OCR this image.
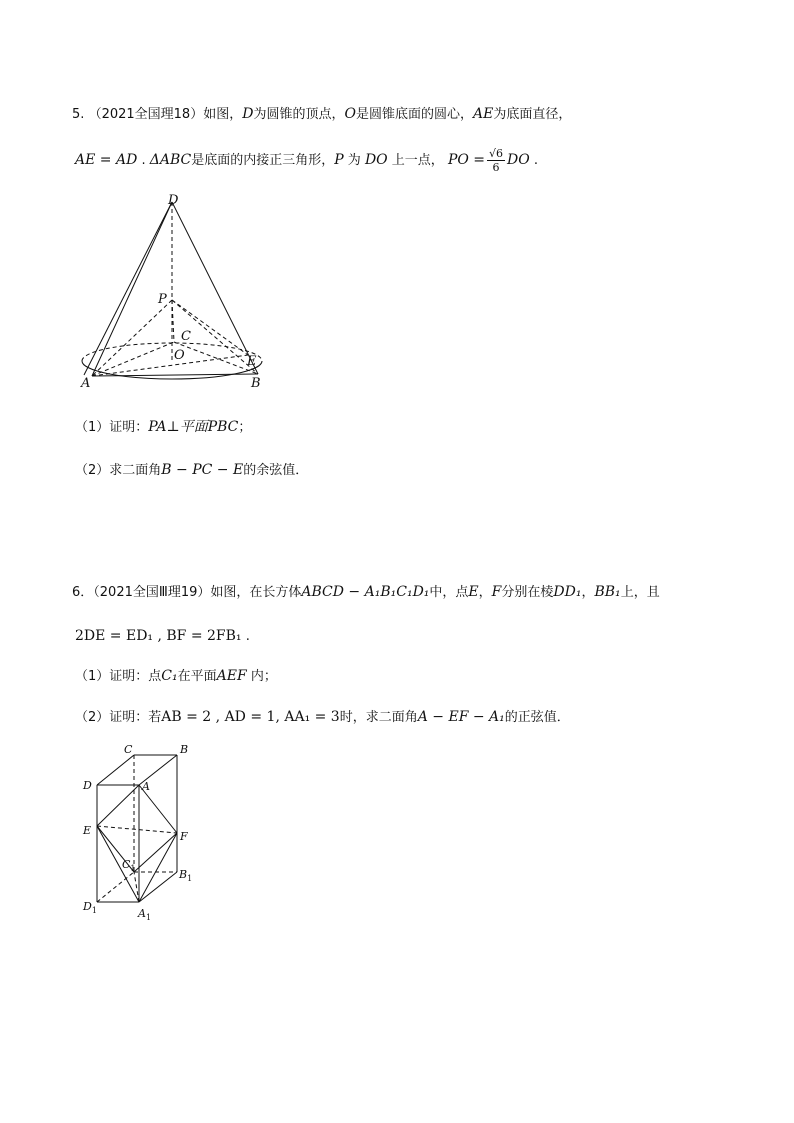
5. （2021全国理18）如图，D为圆锥的顶点，O是圆锥底面的圆心，AE为底面直径，
AE = AD . ΔABC是底面的内接正三角形，P 为 DO 上一点， PO = $\frac{√6}{6}$ DO .
D
P
C
O	E
A	B
（1）证明：PA⊥平面PBC；
（2）求二面角B − PC − E的余弦值．
6．（2021全国Ⅲ理19）如图，在长方体ABCD − A₁B₁C₁D₁中，点E，F分别在棱DD₁，BB₁上，且
2DE = ED₁ , BF = 2FB₁ .
（1）证明：点C₁在平面AEF 内；
（2）证明：若AB = 2 , AD = 1, AA₁ = 3时，求二面角A − EF − A₁的正弦值．
C	B
D	A
E	F
$C_1$	$B_1$
$D_1$	$A_1$
